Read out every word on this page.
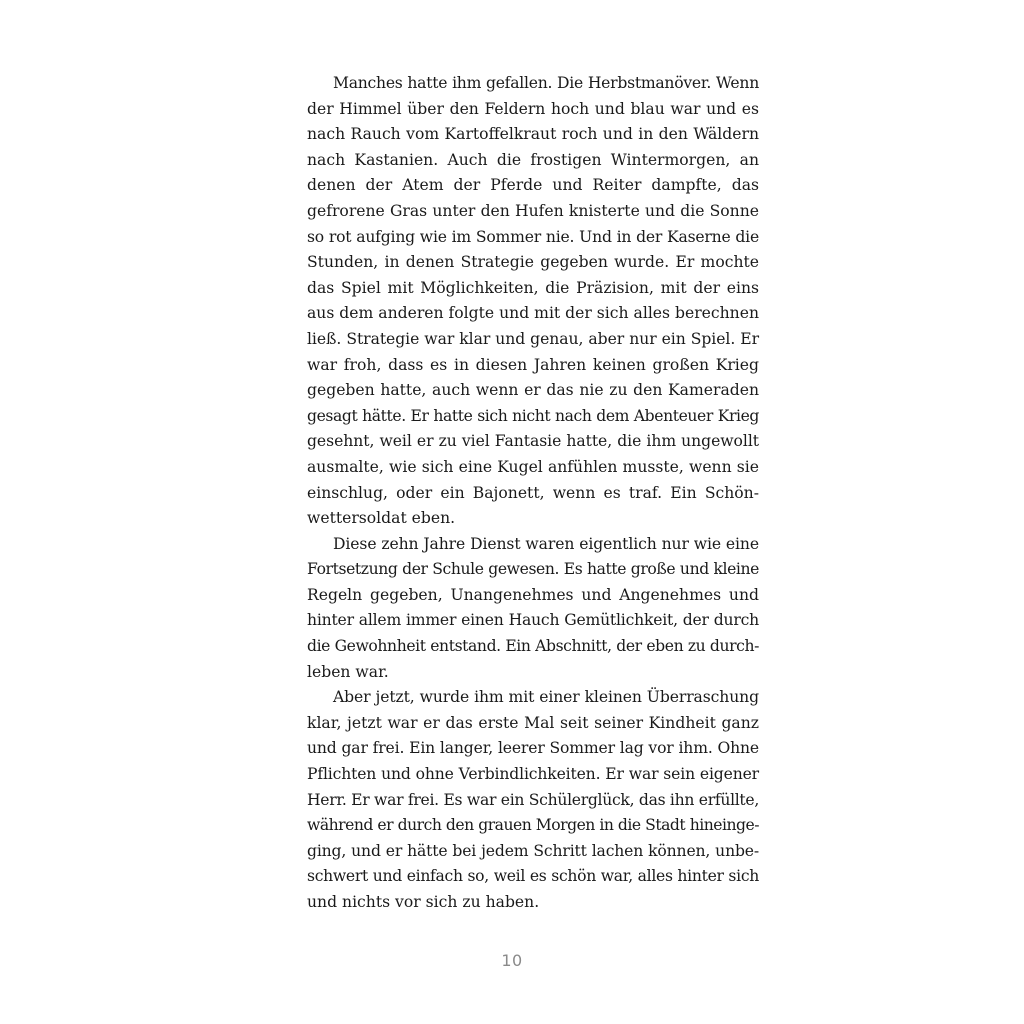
Manches hatte ihm gefallen. Die Herbstmanöver. Wenn
der Himmel über den Feldern hoch und blau war und es
nach Rauch vom Kartoffelkraut roch und in den Wäldern
nach Kastanien. Auch die frostigen Wintermorgen, an
denen der Atem der Pferde und Reiter dampfte, das
gefrorene Gras unter den Hufen knisterte und die Sonne
so rot aufging wie im Sommer nie. Und in der Kaserne die
Stunden, in denen Strategie gegeben wurde. Er mochte
das Spiel mit Möglichkeiten, die Präzision, mit der eins
aus dem anderen folgte und mit der sich alles berechnen
ließ. Strategie war klar und genau, aber nur ein Spiel. Er
war froh, dass es in diesen Jahren keinen großen Krieg
gegeben hatte, auch wenn er das nie zu den Kameraden
gesagt hätte. Er hatte sich nicht nach dem Abenteuer Krieg
gesehnt, weil er zu viel Fantasie hatte, die ihm ungewollt
ausmalte, wie sich eine Kugel anfühlen musste, wenn sie
einschlug, oder ein Bajonett, wenn es traf. Ein Schön-
wettersoldat eben.

Diese zehn Jahre Dienst waren eigentlich nur wie eine
Fortsetzung der Schule gewesen. Es hatte große und kleine
Regeln gegeben, Unangenehmes und Angenehmes und
hinter allem immer einen Hauch Gemütlichkeit, der durch
die Gewohnheit entstand. Ein Abschnitt, der eben zu durch-
leben war.

Aber jetzt, wurde ihm mit einer kleinen Überraschung
klar, jetzt war er das erste Mal seit seiner Kindheit ganz
und gar frei. Ein langer, leerer Sommer lag vor ihm. Ohne
Pflichten und ohne Verbindlichkeiten. Er war sein eigener
Herr. Er war frei. Es war ein Schülerglück, das ihn erfüllte,
während er durch den grauen Morgen in die Stadt hineinge-
ging, und er hätte bei jedem Schritt lachen können, unbe-
schwert und einfach so, weil es schön war, alles hinter sich
und nichts vor sich zu haben.

10
